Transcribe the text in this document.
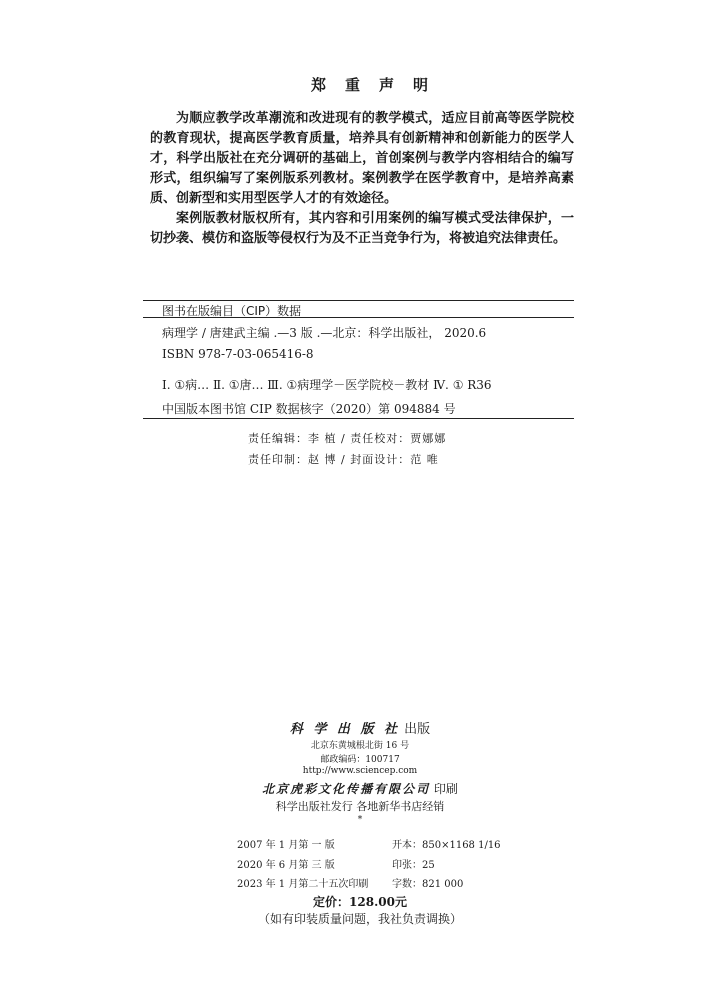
郑重声明

为顺应教学改革潮流和改进现有的教学模式，适应目前高等医学院校的教育现状，提高医学教育质量，培养具有创新精神和创新能力的医学人才，科学出版社在充分调研的基础上，首创案例与教学内容相结合的编写形式，组织编写了案例版系列教材。案例教学在医学教育中，是培养高素质、创新型和实用型医学人才的有效途径。

案例版教材版权所有，其内容和引用案例的编写模式受法律保护，一切抄袭、模仿和盗版等侵权行为及不正当竞争行为，将被追究法律责任。

图书在版编目（CIP）数据
病理学 / 唐建武主编 .—3 版 .—北京：科学出版社， 2020.6
ISBN 978-7-03-065416-8
Ⅰ. ①病… Ⅱ. ①唐… Ⅲ. ①病理学－医学院校－教材 Ⅳ. ① R36
中国版本图书馆 CIP 数据核字（2020）第 094884 号
责任编辑：李 植 / 责任校对：贾娜娜
责任印制：赵 博 / 封面设计：范 唯
科 学 出 版 社 出版
北京东黄城根北街 16 号
邮政编码：100717
http://www.sciencep.com
北京虎彩文化传播有限公司 印刷
科学出版社发行 各地新华书店经销
*
2007 年 1 月第 一 版	开本：850×1168 1/16
2020 年 6 月第 三 版	印张：25
2023 年 1 月第二十五次印刷 字数：821 000
定价：128.00元
（如有印装质量问题，我社负责调换）
